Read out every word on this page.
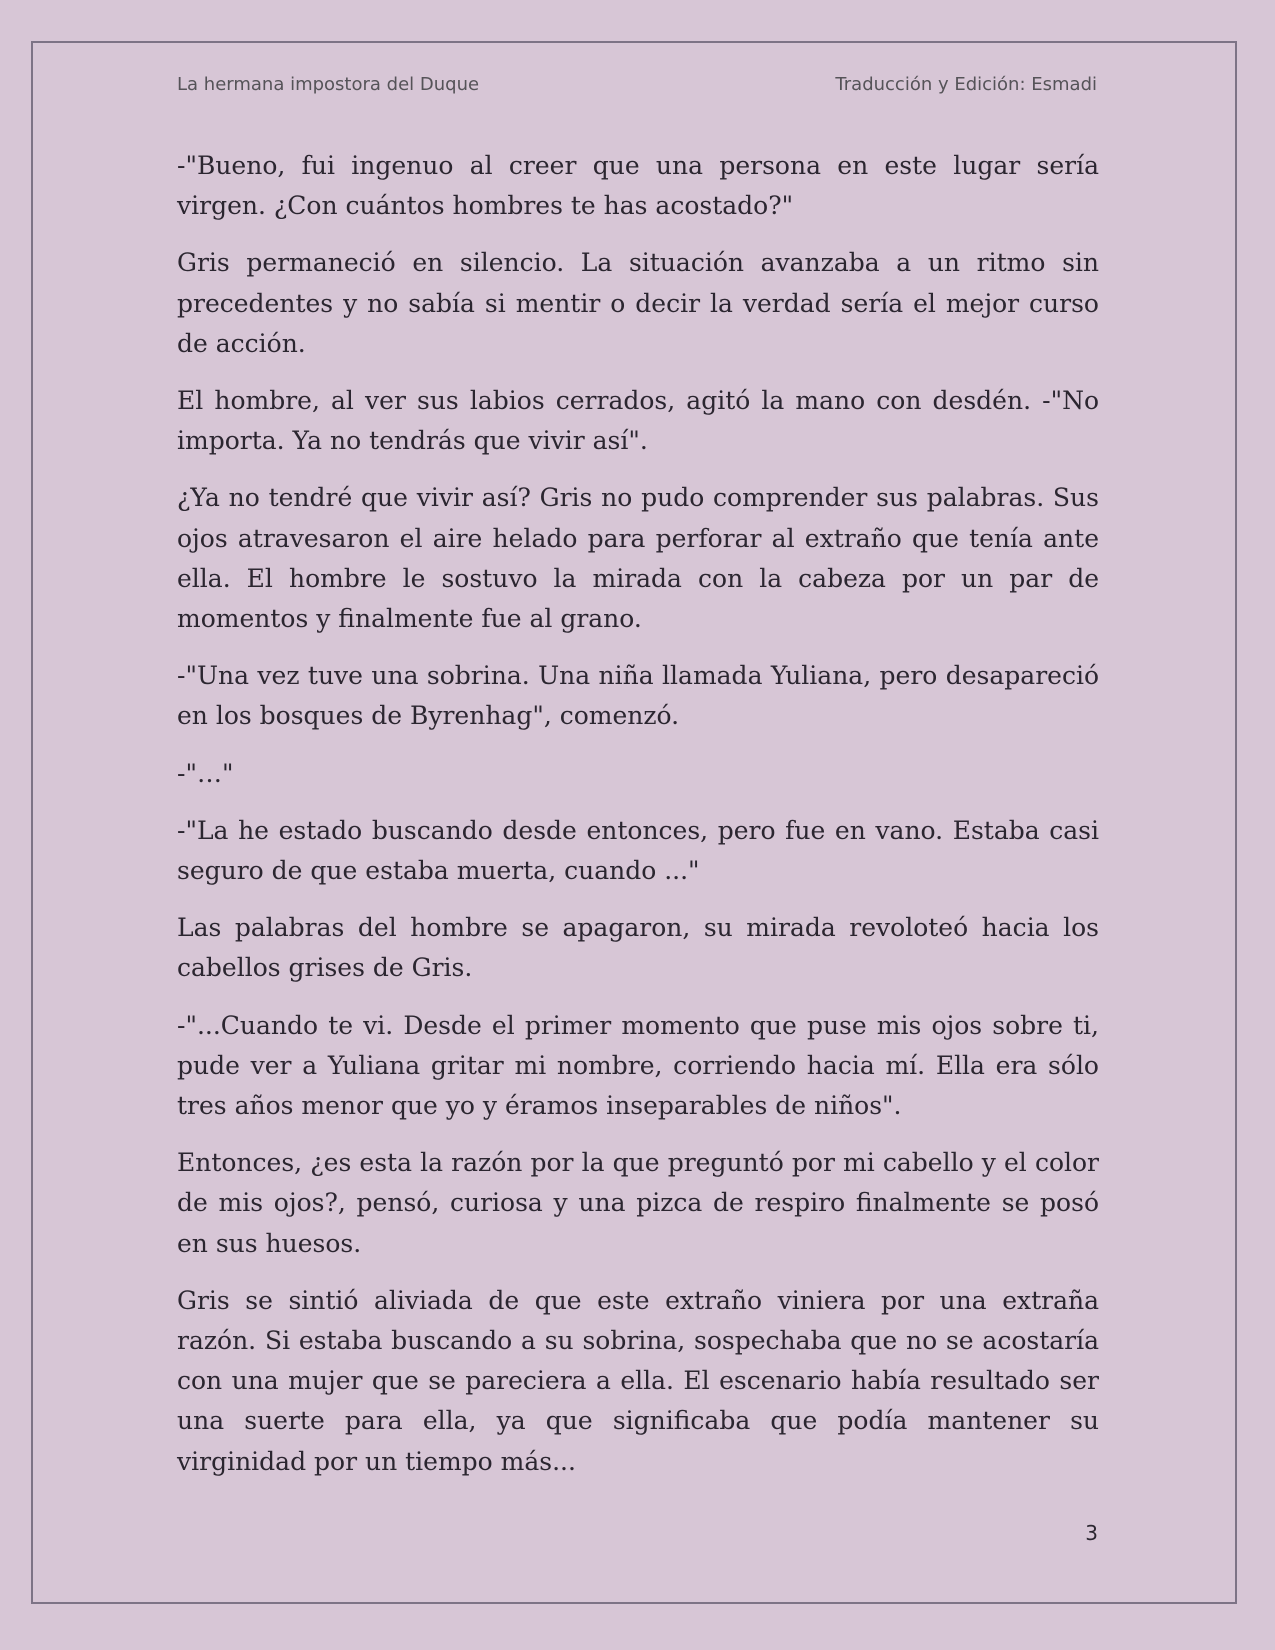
La hermana impostora del Duque	Traducción y Edición: Esmadi

-"Bueno, fui ingenuo al creer que una persona en este lugar sería virgen. ¿Con cuántos hombres te has acostado?"

Gris permaneció en silencio. La situación avanzaba a un ritmo sin precedentes y no sabía si mentir o decir la verdad sería el mejor curso de acción.

El hombre, al ver sus labios cerrados, agitó la mano con desdén. -"No importa. Ya no tendrás que vivir así".

¿Ya no tendré que vivir así? Gris no pudo comprender sus palabras. Sus ojos atravesaron el aire helado para perforar al extraño que tenía ante ella. El hombre le sostuvo la mirada con la cabeza por un par de momentos y finalmente fue al grano.

-"Una vez tuve una sobrina. Una niña llamada Yuliana, pero desapareció en los bosques de Byrenhag", comenzó.

-"…"

-"La he estado buscando desde entonces, pero fue en vano. Estaba casi seguro de que estaba muerta, cuando ..."

Las palabras del hombre se apagaron, su mirada revoloteó hacia los cabellos grises de Gris.

-"...Cuando te vi. Desde el primer momento que puse mis ojos sobre ti, pude ver a Yuliana gritar mi nombre, corriendo hacia mí. Ella era sólo tres años menor que yo y éramos inseparables de niños".

Entonces, ¿es esta la razón por la que preguntó por mi cabello y el color de mis ojos?, pensó, curiosa y una pizca de respiro finalmente se posó en sus huesos.

Gris se sintió aliviada de que este extraño viniera por una extraña razón. Si estaba buscando a su sobrina, sospechaba que no se acostaría con una mujer que se pareciera a ella. El escenario había resultado ser una suerte para ella, ya que significaba que podía mantener su virginidad por un tiempo más...

3
